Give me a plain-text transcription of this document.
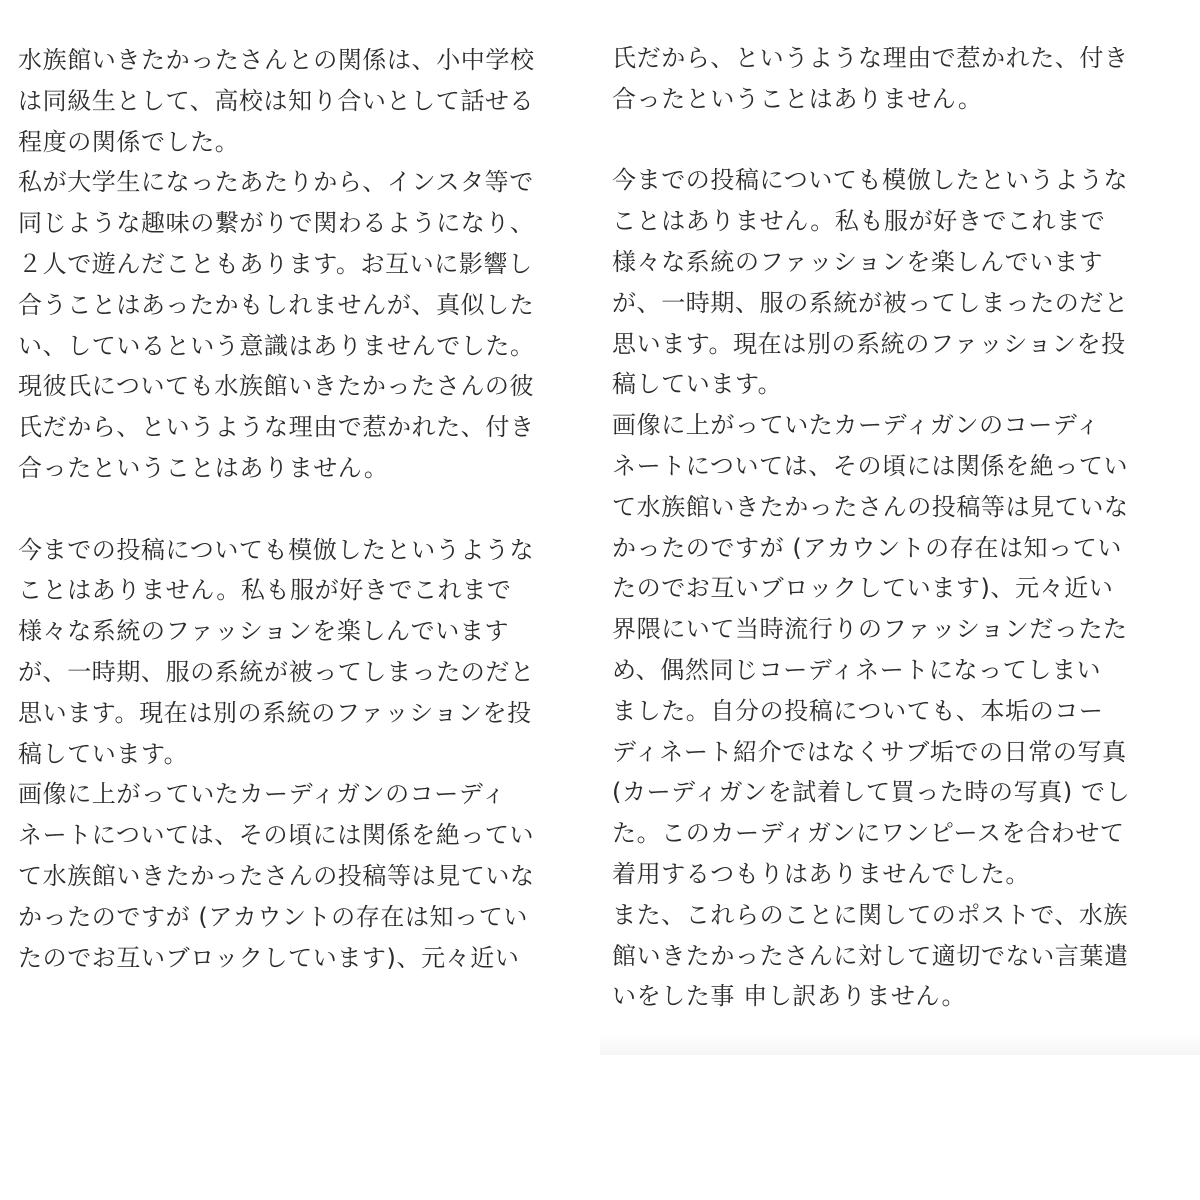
水族館いきたかったさんとの関係は、小中学校
は同級生として、高校は知り合いとして話せる
程度の関係でした。
私が大学生になったあたりから、インスタ等で
同じような趣味の繋がりで関わるようになり、
２人で遊んだこともあります。お互いに影響し
合うことはあったかもしれませんが、真似した
い、しているという意識はありませんでした。
現彼氏についても水族館いきたかったさんの彼
氏だから、というような理由で惹かれた、付き
合ったということはありません。
今までの投稿についても模倣したというような
ことはありません。私も服が好きでこれまで
様々な系統のファッションを楽しんでいます
が、一時期、服の系統が被ってしまったのだと
思います。現在は別の系統のファッションを投
稿しています。
画像に上がっていたカーディガンのコーディ
ネートについては、その頃には関係を絶ってい
て水族館いきたかったさんの投稿等は見ていな
かったのですが (アカウントの存在は知ってい
たのでお互いブロックしています)、元々近い
氏だから、というような理由で惹かれた、付き
合ったということはありません。
今までの投稿についても模倣したというような
ことはありません。私も服が好きでこれまで
様々な系統のファッションを楽しんでいます
が、一時期、服の系統が被ってしまったのだと
思います。現在は別の系統のファッションを投
稿しています。
画像に上がっていたカーディガンのコーディ
ネートについては、その頃には関係を絶ってい
て水族館いきたかったさんの投稿等は見ていな
かったのですが (アカウントの存在は知ってい
たのでお互いブロックしています)、元々近い
界隈にいて当時流行りのファッションだったた
め、偶然同じコーディネートになってしまい
ました。自分の投稿についても、本垢のコー
ディネート紹介ではなくサブ垢での日常の写真
(カーディガンを試着して買った時の写真) でし
た。このカーディガンにワンピースを合わせて
着用するつもりはありませんでした。
また、これらのことに関してのポストで、水族
館いきたかったさんに対して適切でない言葉遣
いをした事 申し訳ありません。
